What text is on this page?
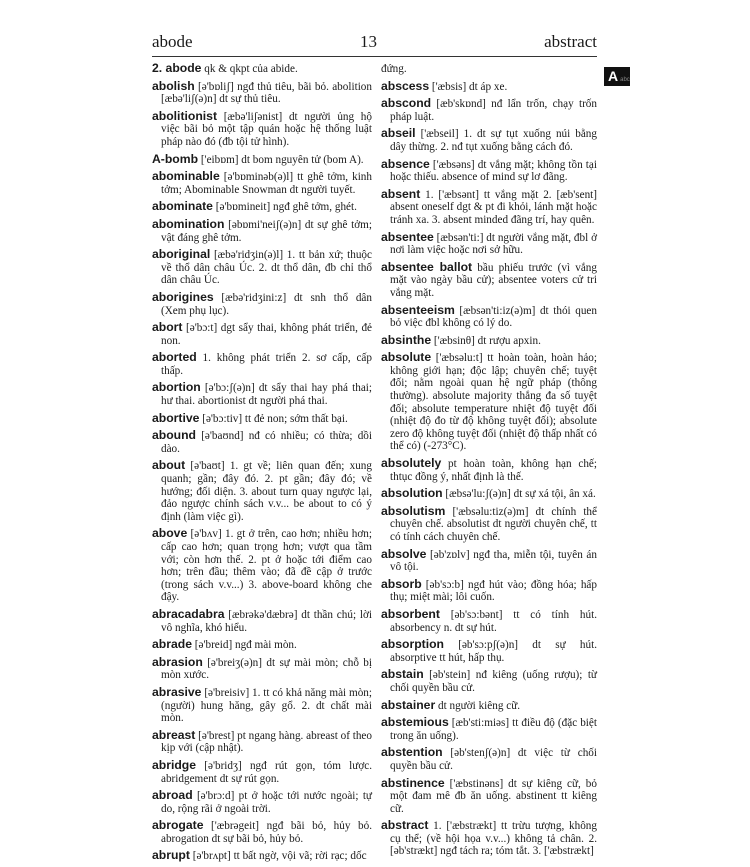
abode	13	abstract
Aabc
2. abode qk & qkpt của abide.
abolish [ə'bɒliʃ] ngđ thủ tiêu, bãi bỏ. abolition [æbə'liʃ(ə)n] dt sự thủ tiêu.
abolitionist [æbə'liʃənist] dt người ủng hộ việc bãi bỏ một tập quán hoặc hệ thống luật pháp nào đó (đb tội tử hình).
A-bomb ['eibɒm] dt bom nguyên tử (bom A).
abominable [ə'bɒminəb(ə)l] tt ghê tởm, kinh tởm; Abominable Snowman dt người tuyết.
abominate [ə'bɒmineit] ngđ ghê tởm, ghét.
abomination [əbɒmi'neiʃ(ə)n] dt sự ghê tởm; vật đáng ghê tởm.
aboriginal [æbə'ridʒin(ə)l] 1. tt bản xứ; thuộc về thổ dân châu Úc. 2. dt thổ dân, đb chỉ thổ dân châu Úc.
aborigines [æbə'ridʒini:z] dt snh thổ dân (Xem phụ lục).
abort [ə'bɔ:t] dgt sẩy thai, không phát triển, đẻ non.
aborted 1. không phát triển 2. sơ cấp, cấp thấp.
abortion [ə'bɔ:ʃ(ə)n] dt sẩy thai hay phá thai; hư thai. abortionist dt người phá thai.
abortive [ə'bɔ:tiv] tt đẻ non; sớm thất bại.
abound [ə'baʊnd] nđ có nhiều; có thừa; dồi dào.
about [ə'baʊt] 1. gt về; liên quan đến; xung quanh; gần; đây đó. 2. pt gần; đây đó; về hướng; đối diện. 3. about turn quay ngược lại, đảo ngược chính sách v.v... be about to có ý định (làm việc gì).
above [ə'bʌv] 1. gt ở trên, cao hơn; nhiều hơn; cấp cao hơn; quan trọng hơn; vượt qua tầm với; còn hơn thế. 2. pt ở hoặc tới điểm cao hơn; trên đầu; thêm vào; đã đề cập ở trước (trong sách v.v...) 3. above-board không che đậy.
abracadabra [æbrəkə'dæbrə] dt thần chú; lời vô nghĩa, khó hiểu.
abrade [ə'breid] ngđ mài mòn.
abrasion [ə'breiʒ(ə)n] dt sự mài mòn; chỗ bị mòn xước.
abrasive [ə'breisiv] 1. tt có khả năng mài mòn; (người) hung hăng, gây gổ. 2. dt chất mài mòn.
abreast [ə'brest] pt ngang hàng. abreast of theo kịp với (cập nhật).
abridge [ə'bridʒ] ngđ rút gọn, tóm lược. abridgement dt sự rút gọn.
abroad [ə'brɔ:d] pt ở hoặc tới nước ngoài; tự do, rộng rãi ở ngoài trời.
abrogate ['æbrəgeit] ngđ bãi bỏ, hủy bỏ. abrogation dt sự bãi bỏ, hủy bỏ.
abrupt [ə'brʌpt] tt bất ngờ, vội vã; rời rạc; dốc
đứng.
abscess ['æbsis] dt áp xe.
abscond [æb'skɒnd] nđ lẩn trốn, chạy trốn pháp luật.
abseil ['æbseil] 1. dt sự tụt xuống núi bằng dây thừng. 2. nđ tụt xuống bằng cách đó.
absence ['æbsəns] dt vắng mặt; không tồn tại hoặc thiếu. absence of mind sự lơ đãng.
absent 1. ['æbsənt] tt vắng mặt 2. [æb'sent] absent oneself dgt & pt đi khỏi, lánh mặt hoặc tránh xa. 3. absent minded đãng trí, hay quên.
absentee [æbsən'ti:] dt người vắng mặt, đbl ở nơi làm việc hoặc nơi sở hữu.
absentee ballot bầu phiếu trước (vì vắng mặt vào ngày bầu cử); absentee voters cử tri vắng mặt.
absenteeism [æbsən'ti:iz(ə)m] dt thói quen bỏ việc đbl không có lý do.
absinthe ['æbsinθ] dt rượu apxin.
absolute ['æbsəlu:t] tt hoàn toàn, hoàn hảo; không giới hạn; độc lập; chuyên chế; tuyệt đối; nằm ngoài quan hệ ngữ pháp (thông thường). absolute majority thắng đa số tuyệt đối; absolute temperature nhiệt độ tuyệt đối (nhiệt độ đo từ độ không tuyệt đối); absolute zero độ không tuyệt đối (nhiệt độ thấp nhất có thể có) (-273°C).
absolutely pt hoàn toàn, không hạn chế; thtục đồng ý, nhất định là thế.
absolution [æbsə'lu:ʃ(ə)n] dt sự xá tội, ân xá.
absolutism ['æbsəlu:tiz(ə)m] dt chính thể chuyên chế. absolutist dt người chuyên chế, tt có tính cách chuyên chế.
absolve [əb'zɒlv] ngđ tha, miễn tội, tuyên án vô tội.
absorb [əb'sɔ:b] ngđ hút vào; đồng hóa; hấp thụ; miệt mài; lôi cuốn.
absorbent [əb'sɔ:bənt] tt có tính hút. absorbency n. dt sự hút.
absorption [əb'sɔ:pʃ(ə)n] dt sự hút. absorptive tt hút, hấp thụ.
abstain [əb'stein] nđ kiêng (uống rượu); từ chối quyền bầu cử.
abstainer dt người kiêng cữ.
abstemious [æb'sti:miəs] tt điều độ (đặc biệt trong ăn uống).
abstention [əb'stenʃ(ə)n] dt việc từ chối quyền bầu cử.
abstinence ['æbstinəns] dt sự kiêng cữ, bỏ một đam mê đb ăn uống. abstinent tt kiêng cữ.
abstract 1. ['æbstrækt] tt trừu tượng, không cụ thể; (về hội họa v.v...) không tả chân. 2. [əb'strækt] ngđ tách ra; tóm tắt. 3. ['æbstrækt]
